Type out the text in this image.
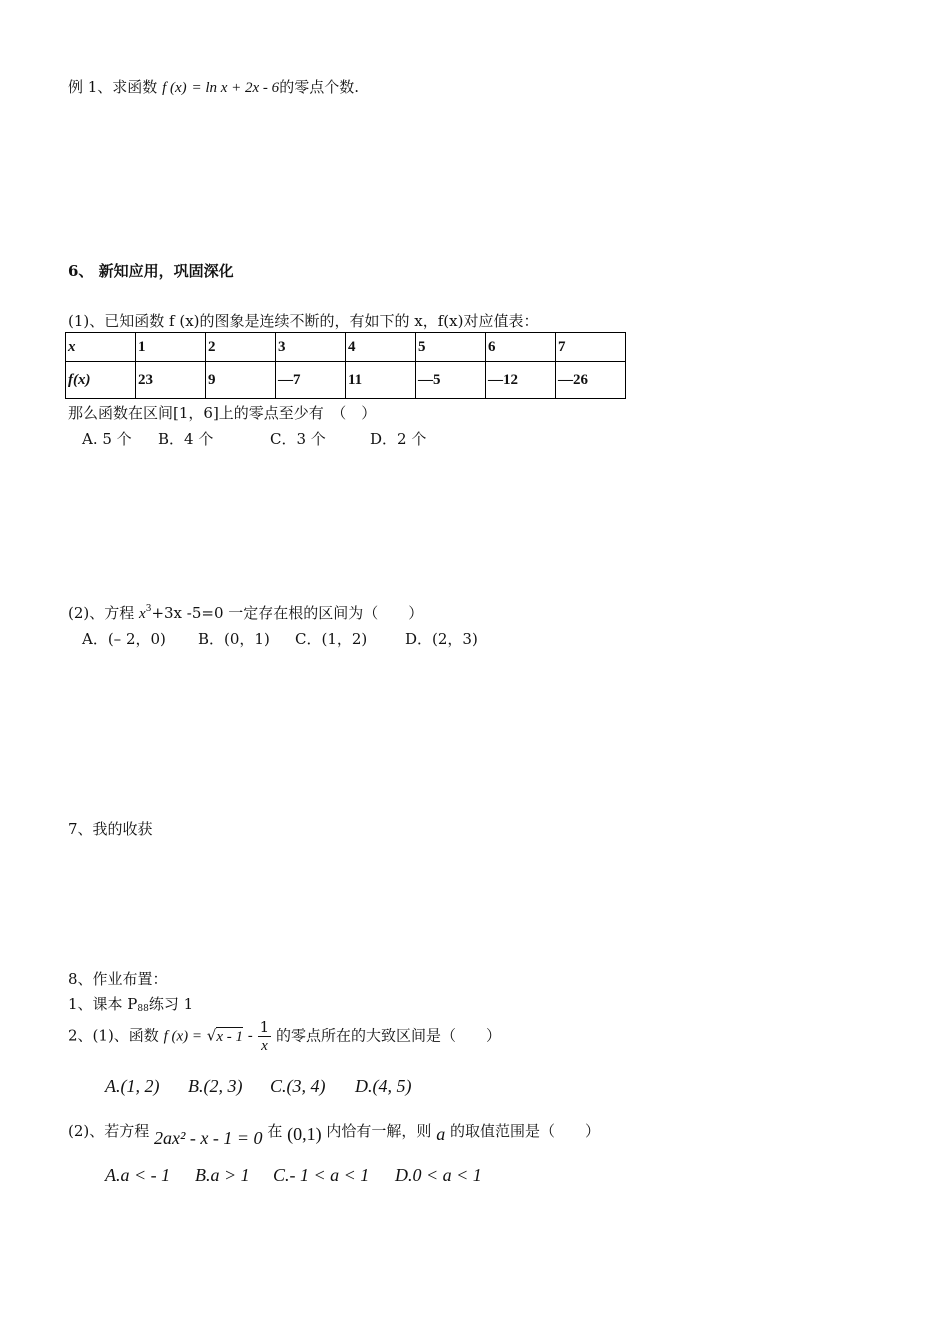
例 1、求函数 f (x) = ln x + 2x - 6的零点个数.
6、 新知应用，巩固深化
(1)、已知函数 f (x)的图象是连续不断的，有如下的 x，f(x)对应值表：
x	1	2	3	4	5	6	7
f(x)	23	9	—7	11	—5	—12	—26
那么函数在区间[1，6]上的零点至少有　（　）
A. 5 个 B．4 个	C．3 个	D．2 个
(2)、方程 $x^3+3x$ -5=0 一定存在根的区间为（　　）
A．(– 2，0) B．(0，1) C．(1，2)	D．(2，3)
7、我的收获
8、作业布置：
1、课本 $P_{88}$练习 1
2、(1)、函数 f $(x) = √x - 1 - \frac{1}{x}$ 的零点所在的大致区间是（　　）
A.(1, 2) B.(2, 3) C.(3, 4) D.(4, 5)
(2)、若方程 2ax² - x - 1 = 0 在 (0,1) 内恰有一解，则 a 的取值范围是（　　）
A.a < - 1 B.a > 1 C.- 1 < a < 1 D.0 < a < 1
